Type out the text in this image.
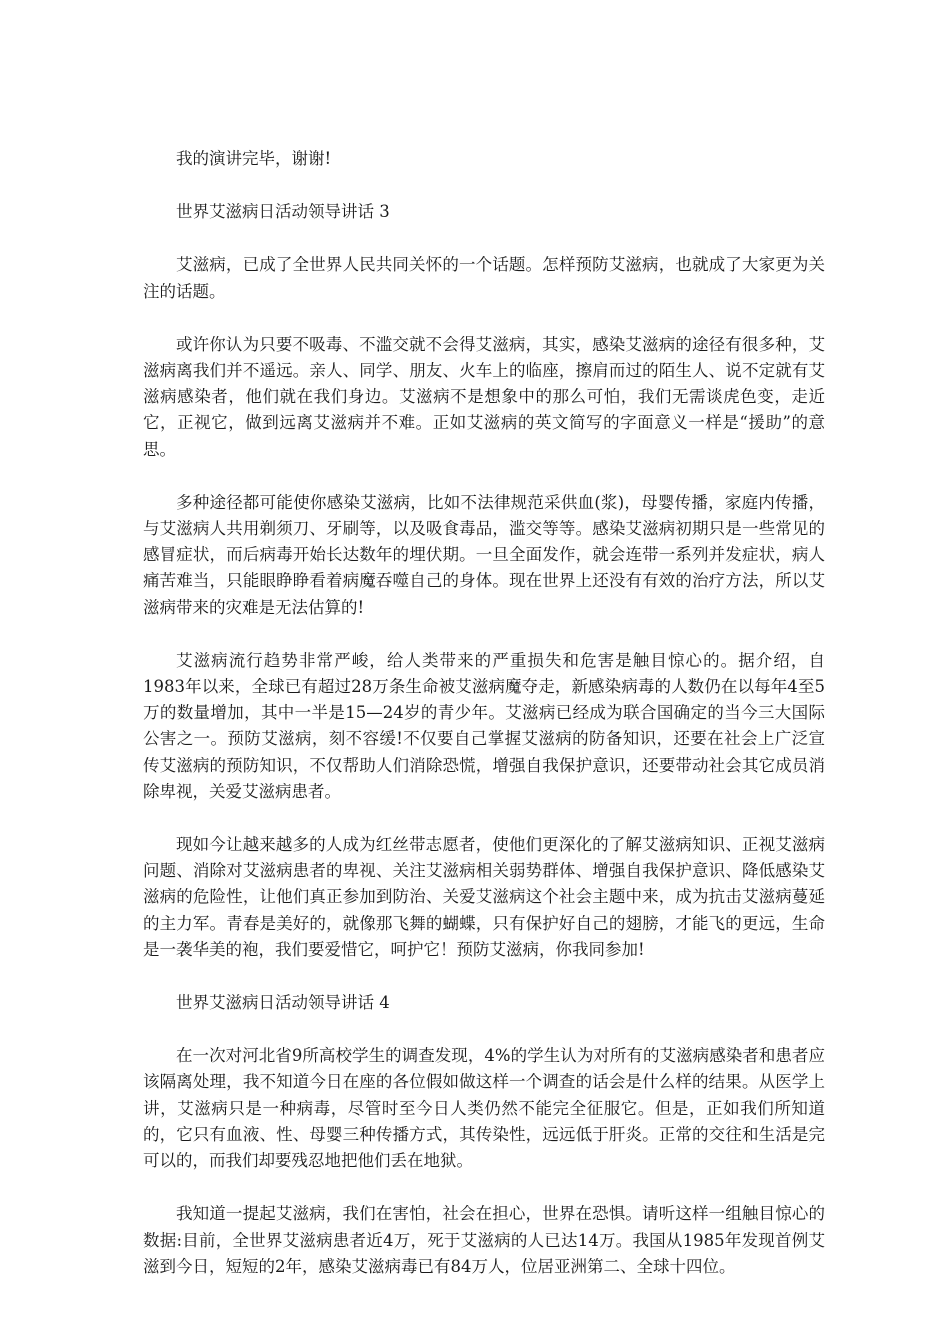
我的演讲完毕，谢谢!

世界艾滋病日活动领导讲话 3

艾滋病，已成了全世界人民共同关怀的一个话题。怎样预防艾滋病，也就成了大家更为关注的话题。

或许你认为只要不吸毒、不滥交就不会得艾滋病，其实，感染艾滋病的途径有很多种，艾滋病离我们并不遥远。亲人、同学、朋友、火车上的临座，擦肩而过的陌生人、说不定就有艾滋病感染者，他们就在我们身边。艾滋病不是想象中的那么可怕，我们无需谈虎色变，走近它，正视它，做到远离艾滋病并不难。正如艾滋病的英文简写的字面意义一样是“援助”的意思。

多种途径都可能使你感染艾滋病，比如不法律规范采供血(浆)，母婴传播，家庭内传播，与艾滋病人共用剃须刀、牙刷等，以及吸食毒品，滥交等等。感染艾滋病初期只是一些常见的感冒症状，而后病毒开始长达数年的埋伏期。一旦全面发作，就会连带一系列并发症状，病人痛苦难当，只能眼睁睁看着病魔吞噬自己的身体。现在世界上还没有有效的治疗方法，所以艾滋病带来的灾难是无法估算的!

艾滋病流行趋势非常严峻，给人类带来的严重损失和危害是触目惊心的。据介绍，自1983年以来，全球已有超过28万条生命被艾滋病魔夺走，新感染病毒的人数仍在以每年4至5万的数量增加，其中一半是15—24岁的青少年。艾滋病已经成为联合国确定的当今三大国际公害之一。预防艾滋病，刻不容缓!不仅要自己掌握艾滋病的防备知识，还要在社会上广泛宣传艾滋病的预防知识，不仅帮助人们消除恐慌，增强自我保护意识，还要带动社会其它成员消除卑视，关爱艾滋病患者。

现如今让越来越多的人成为红丝带志愿者，使他们更深化的了解艾滋病知识、正视艾滋病问题、消除对艾滋病患者的卑视、关注艾滋病相关弱势群体、增强自我保护意识、降低感染艾滋病的危险性，让他们真正参加到防治、关爱艾滋病这个社会主题中来，成为抗击艾滋病蔓延的主力军。青春是美好的，就像那飞舞的蝴蝶，只有保护好自己的翅膀，才能飞的更远，生命是一袭华美的袍，我们要爱惜它，呵护它！预防艾滋病，你我同参加!

世界艾滋病日活动领导讲话 4

在一次对河北省9所高校学生的调查发现，4%的学生认为对所有的艾滋病感染者和患者应该隔离处理，我不知道今日在座的各位假如做这样一个调查的话会是什么样的结果。从医学上讲，艾滋病只是一种病毒，尽管时至今日人类仍然不能完全征服它。但是，正如我们所知道的，它只有血液、性、母婴三种传播方式，其传染性，远远低于肝炎。正常的交往和生活是完可以的，而我们却要残忍地把他们丢在地狱。

我知道一提起艾滋病，我们在害怕，社会在担心，世界在恐惧。请听这样一组触目惊心的数据:目前，全世界艾滋病患者近4万，死于艾滋病的人已达14万。我国从1985年发现首例艾滋到今日，短短的2年，感染艾滋病毒已有84万人，位居亚洲第二、全球十四位。
